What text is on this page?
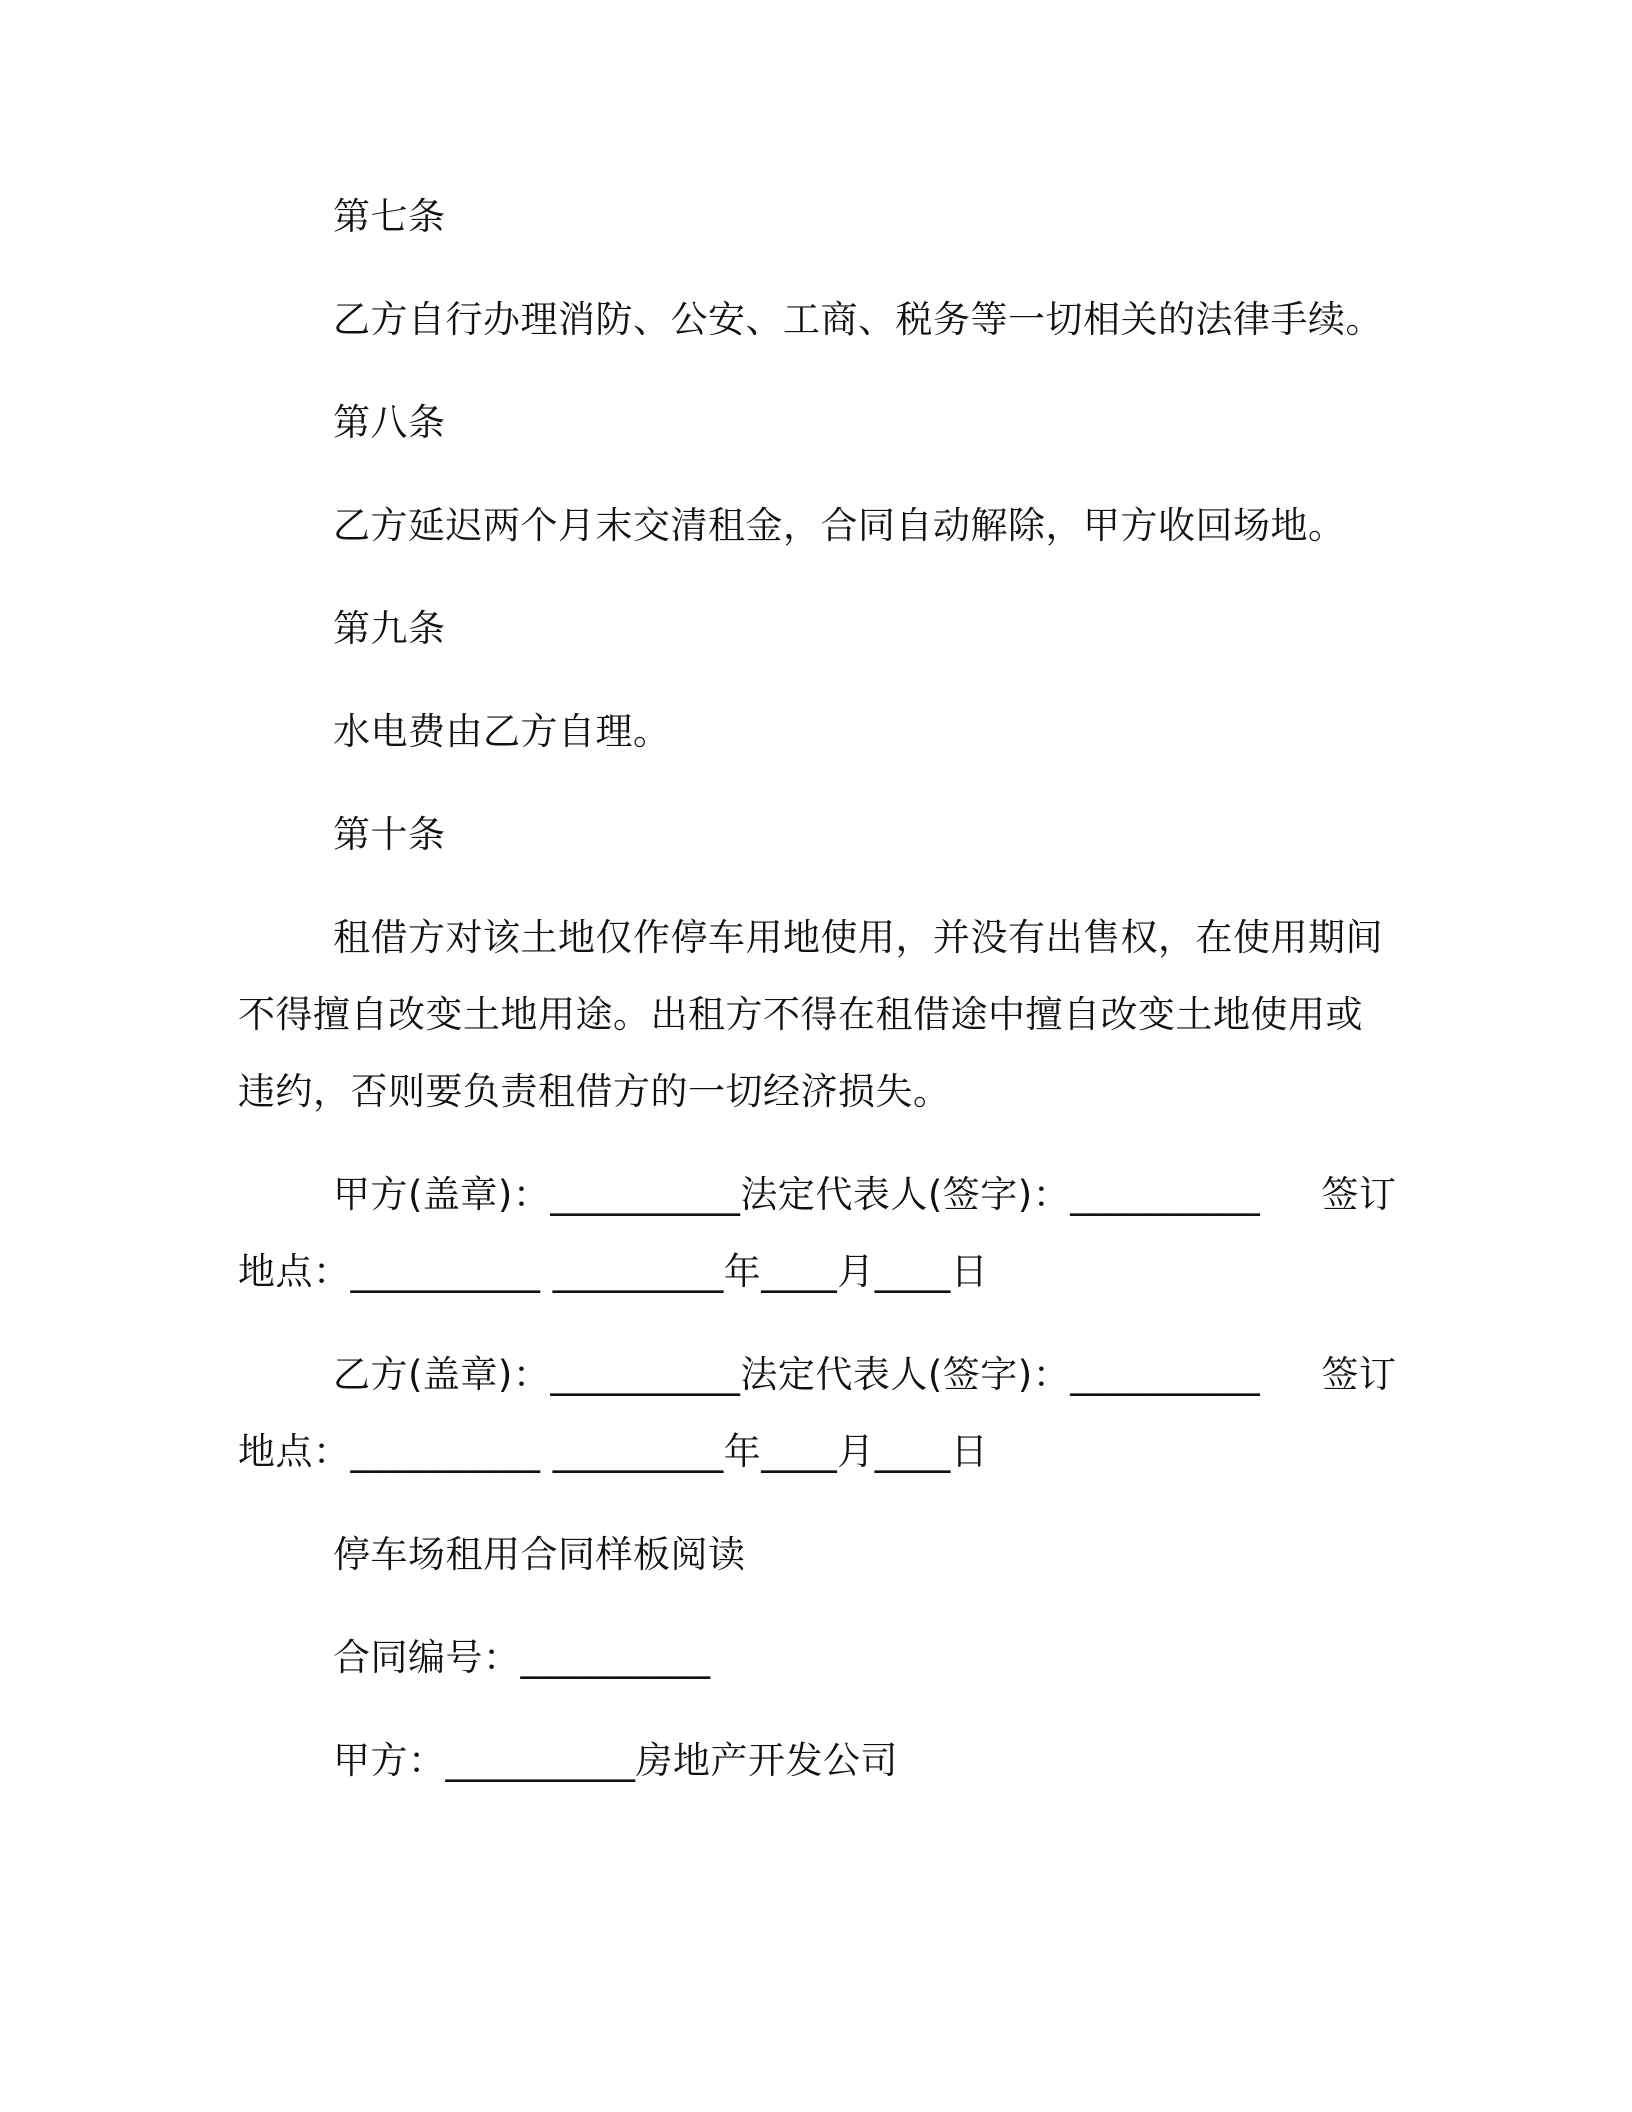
第七条
乙方自行办理消防、公安、工商、税务等一切相关的法律手续。
第八条
乙方延迟两个月末交清租金，合同自动解除，甲方收回场地。
第九条
水电费由乙方自理。
第十条
租借方对该土地仅作停车用地使用，并没有出售权，在使用期间
不得擅自改变土地用途。出租方不得在租借途中擅自改变土地使用或
违约，否则要负责租借方的一切经济损失。
甲方(盖章)：__________法定代表人(签字)：__________     签订
地点：__________ _________年____月____日
乙方(盖章)：__________法定代表人(签字)：__________     签订
地点：__________ _________年____月____日
停车场租用合同样板阅读
合同编号：__________
甲方：__________房地产开发公司
